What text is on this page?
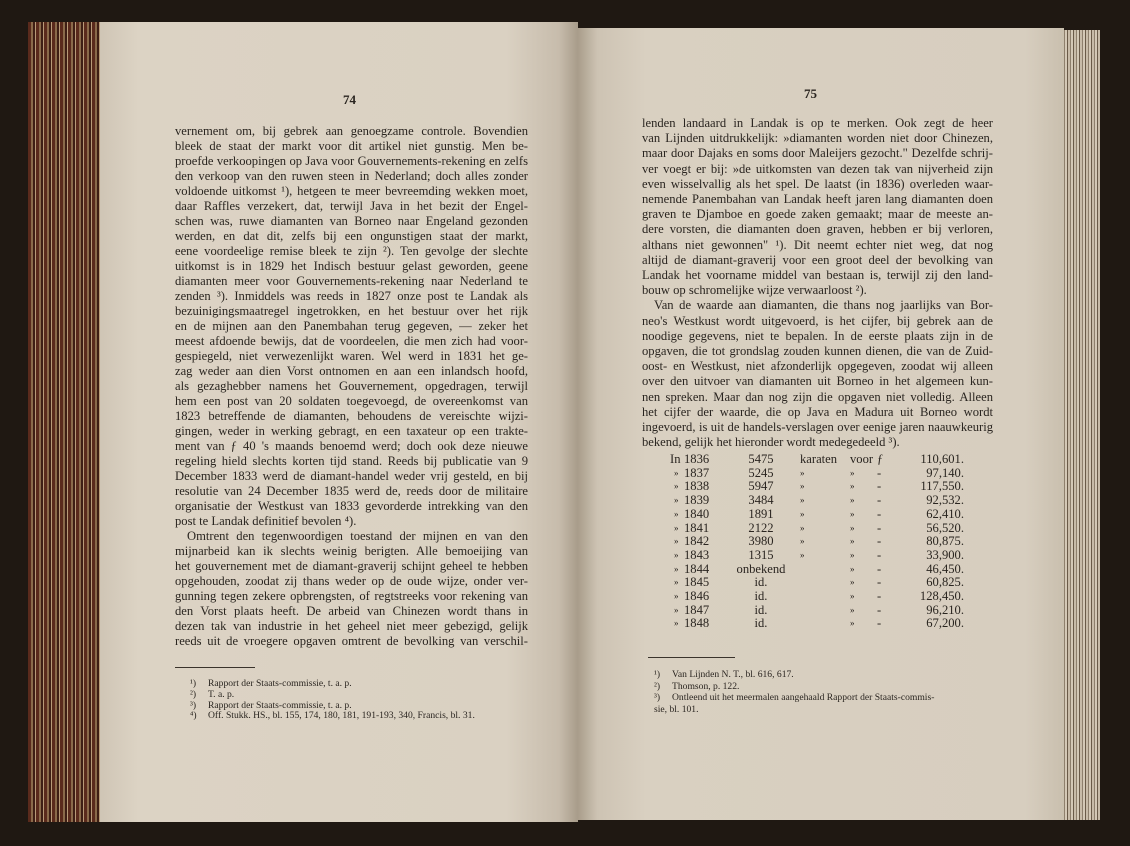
74
vernement om, bij gebrek aan genoegzame controle. Bovendien
bleek de staat der markt voor dit artikel niet gunstig. Men be-
proefde verkoopingen op Java voor Gouvernements-rekening en zelfs
den verkoop van den ruwen steen in Nederland; doch alles zonder
voldoende uitkomst ¹), hetgeen te meer bevreemding wekken moet,
daar Raffles verzekert, dat, terwijl Java in het bezit der Engel-
schen was, ruwe diamanten van Borneo naar Engeland gezonden
werden, en dat dit, zelfs bij een ongunstigen staat der markt,
eene voordeelige remise bleek te zijn ²). Ten gevolge der slechte
uitkomst is in 1829 het Indisch bestuur gelast geworden, geene
diamanten meer voor Gouvernements-rekening naar Nederland te
zenden ³). Inmiddels was reeds in 1827 onze post te Landak als
bezuinigingsmaatregel ingetrokken, en het bestuur over het rijk
en de mijnen aan den Panembahan terug gegeven, — zeker het
meest afdoende bewijs, dat de voordeelen, die men zich had voor-
gespiegeld, niet verwezenlijkt waren. Wel werd in 1831 het ge-
zag weder aan dien Vorst ontnomen en aan een inlandsch hoofd,
als gezaghebber namens het Gouvernement, opgedragen, terwijl
hem een post van 20 soldaten toegevoegd, de overeenkomst van
1823 betreffende de diamanten, behoudens de vereischte wijzi-
gingen, weder in werking gebragt, en een taxateur op een trakte-
ment van ƒ 40 's maands benoemd werd; doch ook deze nieuwe
regeling hield slechts korten tijd stand. Reeds bij publicatie van 9
December 1833 werd de diamant-handel weder vrij gesteld, en bij
resolutie van 24 December 1835 werd de, reeds door de militaire
organisatie der Westkust van 1833 gevorderde intrekking van den
post te Landak definitief bevolen ⁴).
Omtrent den tegenwoordigen toestand der mijnen en van den
mijnarbeid kan ik slechts weinig berigten. Alle bemoeijing van
het gouvernement met de diamant-graverij schijnt geheel te hebben
opgehouden, zoodat zij thans weder op de oude wijze, onder ver-
gunning tegen zekere opbrengsten, of regtstreeks voor rekening van
den Vorst plaats heeft. De arbeid van Chinezen wordt thans in
dezen tak van industrie in het geheel niet meer gebezigd, gelijk
reeds uit de vroegere opgaven omtrent de bevolking van verschil-
¹) Rapport der Staats-commissie, t. a. p.
²) T. a. p.
³) Rapport der Staats-commissie, t. a. p.
⁴) Off. Stukk. HS., bl. 155, 174, 180, 181, 191-193, 340, Francis, bl. 31.
75
lenden landaard in Landak is op te merken. Ook zegt de heer
van Lijnden uitdrukkelijk: »diamanten worden niet door Chinezen,
maar door Dajaks en soms door Maleijers gezocht." Dezelfde schrij-
ver voegt er bij: »de uitkomsten van dezen tak van nijverheid zijn
even wisselvallig als het spel. De laatst (in 1836) overleden waar-
nemende Panembahan van Landak heeft jaren lang diamanten doen
graven te Djamboe en goede zaken gemaakt; maar de meeste an-
dere vorsten, die diamanten doen graven, hebben er bij verloren,
althans niet gewonnen" ¹). Dit neemt echter niet weg, dat nog
altijd de diamant-graverij voor een groot deel der bevolking van
Landak het voorname middel van bestaan is, terwijl zij den land-
bouw op schromelijke wijze verwaarloost ²).
Van de waarde aan diamanten, die thans nog jaarlijks van Bor-
neo's Westkust wordt uitgevoerd, is het cijfer, bij gebrek aan de
noodige gegevens, niet te bepalen. In de eerste plaats zijn in de
opgaven, die tot grondslag zouden kunnen dienen, die van de Zuid-
oost- en Westkust, niet afzonderlijk opgegeven, zoodat wij alleen
over den uitvoer van diamanten uit Borneo in het algemeen kun-
nen spreken. Maar dan nog zijn die opgaven niet volledig. Alleen
het cijfer der waarde, die op Java en Madura uit Borneo wordt
ingevoerd, is uit de handels-verslagen over eenige jaren naauwkeurig
bekend, gelijk het hieronder wordt medegedeeld ³).
In 1836	5475	karaten voor ƒ	110,601.
» 1837	5245	»	» -	97,140.
» 1838	5947	»	» -	117,550.
» 1839	3484	»	» -	92,532.
» 1840	1891	»	» -	62,410.
» 1841	2122	»	» -	56,520.
» 1842	3980	»	» -	80,875.
» 1843	1315	»	» -	33,900.
» 1844	onbekend	» -	46,450.
» 1845	id.	» -	60,825.
» 1846	id.	» -	128,450.
» 1847	id.	» -	96,210.
» 1848	id.	» -	67,200.
¹) Van Lijnden N. T., bl. 616, 617.
²) Thomson, p. 122.
³) Ontleend uit het meermalen aangehaald Rapport der Staats-commis-
sie, bl. 101.
